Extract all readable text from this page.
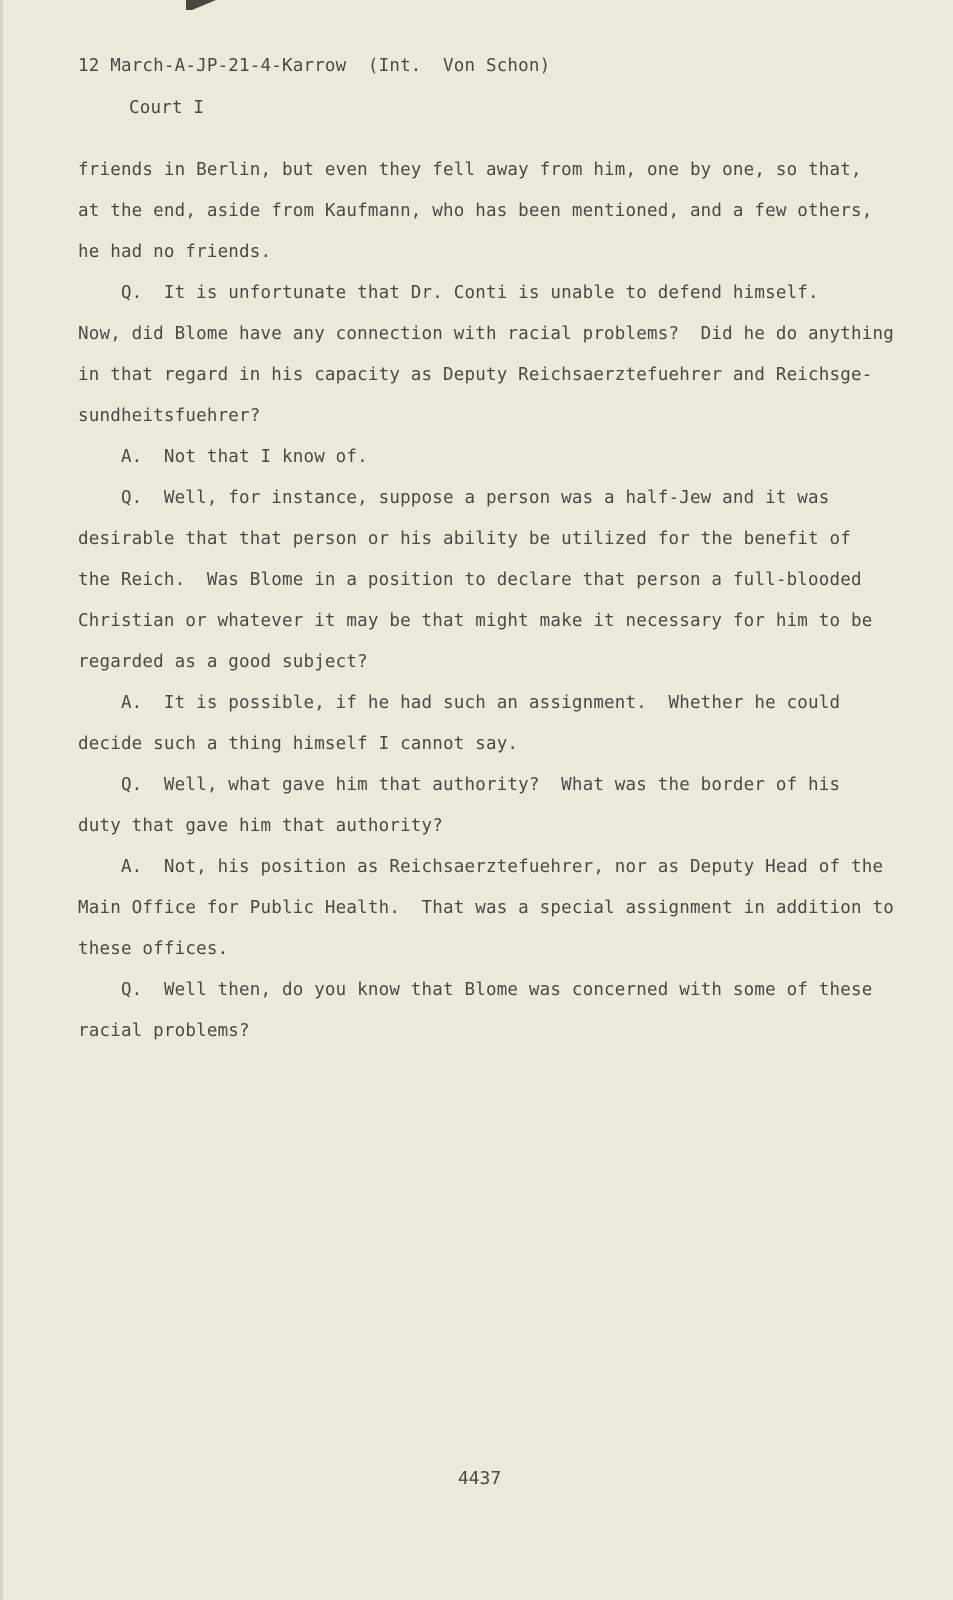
12 March-A-JP-21-4-Karrow  (Int.  Von Schon)
Court I
friends in Berlin, but even they fell away from him, one by one, so that,
at the end, aside from Kaufmann, who has been mentioned, and a few others,
he had no friends.
Q.  It is unfortunate that Dr. Conti is unable to defend himself.
Now, did Blome have any connection with racial problems?  Did he do anything
in that regard in his capacity as Deputy Reichsaerztefuehrer and Reichsge-
sundheitsfuehrer?
A.  Not that I know of.
Q.  Well, for instance, suppose a person was a half-Jew and it was
desirable that that person or his ability be utilized for the benefit of
the Reich.  Was Blome in a position to declare that person a full-blooded
Christian or whatever it may be that might make it necessary for him to be
regarded as a good subject?
A.  It is possible, if he had such an assignment.  Whether he could
decide such a thing himself I cannot say.
Q.  Well, what gave him that authority?  What was the border of his
duty that gave him that authority?
A.  Not, his position as Reichsaerztefuehrer, nor as Deputy Head of the
Main Office for Public Health.  That was a special assignment in addition to
these offices.
Q.  Well then, do you know that Blome was concerned with some of these
racial problems?
4437
